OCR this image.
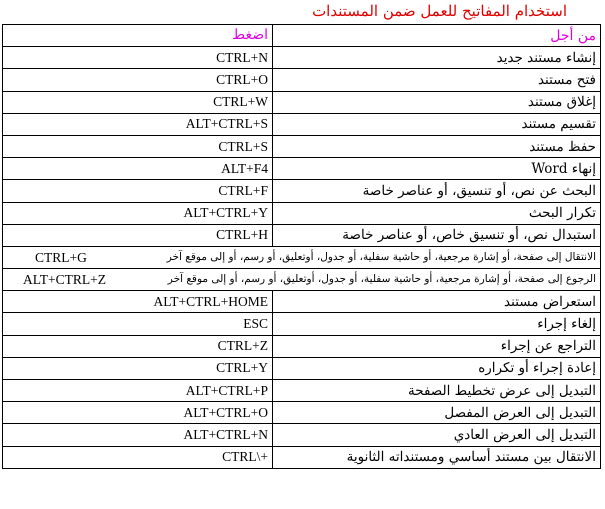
استخدام المفاتيح للعمل ضمن المستندات
اضغط	من أجل
CTRL+N	إنشاء مستند جديد
CTRL+O	فتح مستند
CTRL+W	إغلاق مستند
ALT+CTRL+S	تقسيم مستند
CTRL+S	حفظ مستند
ALT+F4	إنهاء Word
CTRL+F	البحث عن نص، أو تنسيق، أو عناصر خاصة
ALT+CTRL+Y	تكرار البحث
CTRL+H	استبدال نص، أو تنسيق خاص، أو عناصر خاصة

CTRL+G الانتقال إلى صفحة، أو إشارة مرجعية، أو حاشية سفلية، أو جدول، أوتعليق، أو رسم، أو إلى موقع آخر	

ALT+CTRL+Z الرجوع إلى صفحة، أو إشارة مرجعية، أو حاشية سفلية، أو جدول، أوتعليق، أو رسم، أو إلى موقع آخر	

ALT+CTRL+HOME	استعراض مستند
ESC	إلغاء إجراء
CTRL+Z	التراجع عن إجراء
CTRL+Y	إعادة إجراء أو تكراره
ALT+CTRL+P	التبديل إلى عرض تخطيط الصفحة
ALT+CTRL+O	التبديل إلى العرض المفصل
ALT+CTRL+N	التبديل إلى العرض العادي
CTRL\+	الانتقال بين مستند أساسي ومستنداته الثانوية
